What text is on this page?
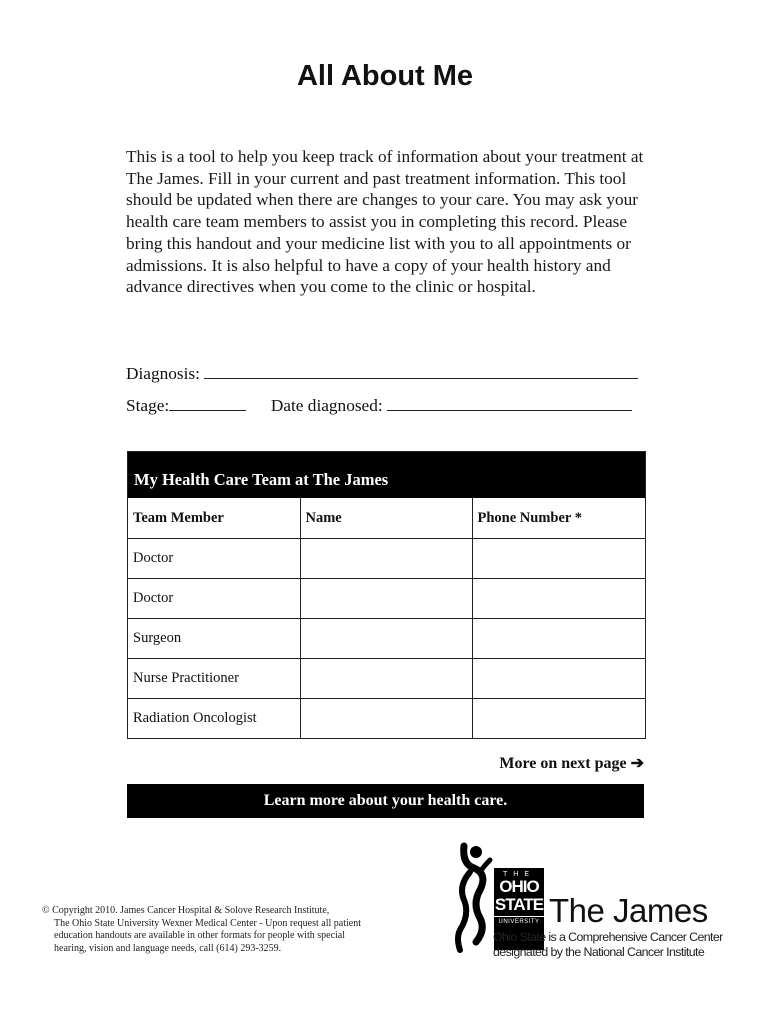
All About Me
This is a tool to help you keep track of information about your treatment at The James. Fill in your current and past treatment information. This tool should be updated when there are changes to your care. You may ask your health care team members to assist you in completing this record. Please bring this handout and your medicine list with you to all appointments or admissions. It is also helpful to have a copy of your health history and advance directives when you come to the clinic or hospital.
Diagnosis:
Stage:	Date diagnosed:
My Health Care Team at The James
Team Member	Name	Phone Number *
Doctor		
Doctor		
Surgeon		
Nurse Practitioner		
Radiation Oncologist		
More on next page ➔
Learn more about your health care.
© Copyright 2010. James Cancer Hospital & Solove Research Institute,
The Ohio State University Wexner Medical Center - Upon request all patient education handouts are available in other formats for people with special hearing, vision and language needs, call (614) 293-3259.
THE
OHIO
STATE
UNIVERSITY The James
Ohio State is a Comprehensive Cancer Center
designated by the National Cancer Institute
